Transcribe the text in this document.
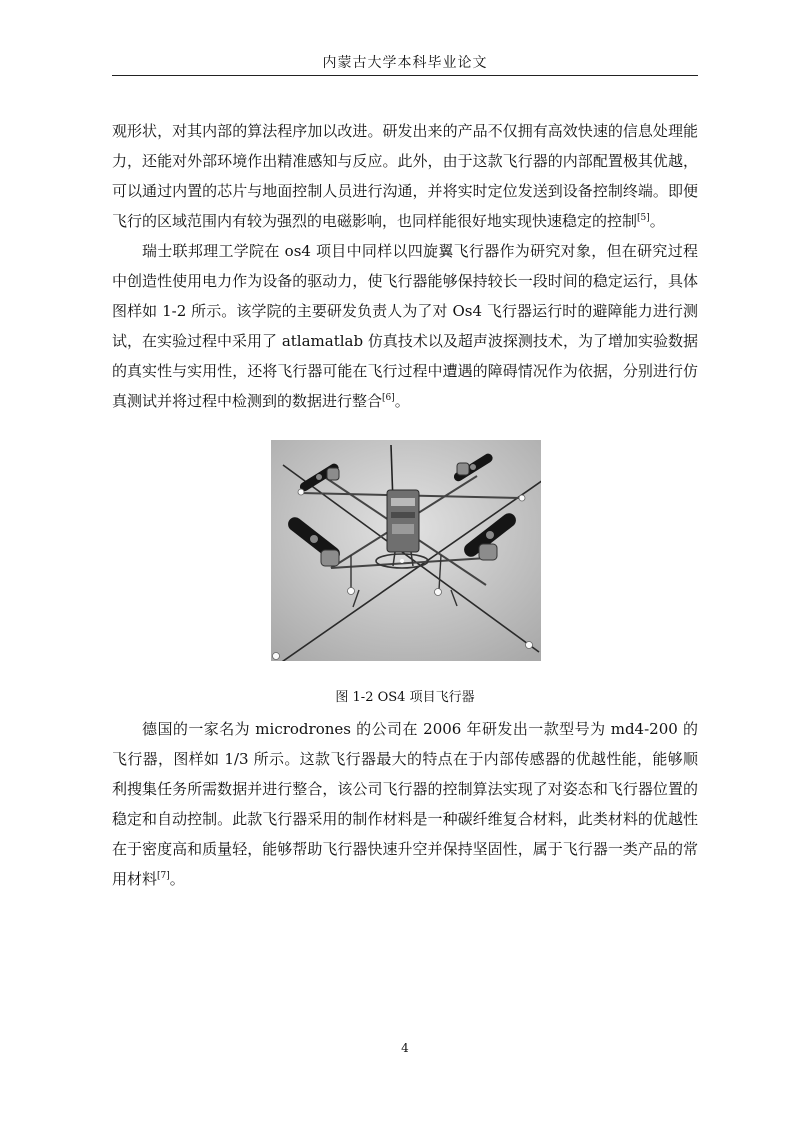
内蒙古大学本科毕业论文

观形状，对其内部的算法程序加以改进。研发出来的产品不仅拥有高效快速的信息处理能力，还能对外部环境作出精准感知与反应。此外，由于这款飞行器的内部配置极其优越，可以通过内置的芯片与地面控制人员进行沟通，并将实时定位发送到设备控制终端。即便飞行的区域范围内有较为强烈的电磁影响，也同样能很好地实现快速稳定的控制[5]。

瑞士联邦理工学院在 os4 项目中同样以四旋翼飞行器作为研究对象，但在研究过程中创造性使用电力作为设备的驱动力，使飞行器能够保持较长一段时间的稳定运行，具体图样如 1-2 所示。该学院的主要研发负责人为了对 Os4 飞行器运行时的避障能力进行测试，在实验过程中采用了 atlamatlab 仿真技术以及超声波探测技术，为了增加实验数据的真实性与实用性，还将飞行器可能在飞行过程中遭遇的障碍情况作为依据，分别进行仿真测试并将过程中检测到的数据进行整合[6]。

图 1-2 OS4 项目飞行器

德国的一家名为 microdrones 的公司在 2006 年研发出一款型号为 md4-200 的飞行器，图样如 1/3 所示。这款飞行器最大的特点在于内部传感器的优越性能，能够顺利搜集任务所需数据并进行整合，该公司飞行器的控制算法实现了对姿态和飞行器位置的稳定和自动控制。此款飞行器采用的制作材料是一种碳纤维复合材料，此类材料的优越性在于密度高和质量轻，能够帮助飞行器快速升空并保持坚固性，属于飞行器一类产品的常用材料[7]。

4
